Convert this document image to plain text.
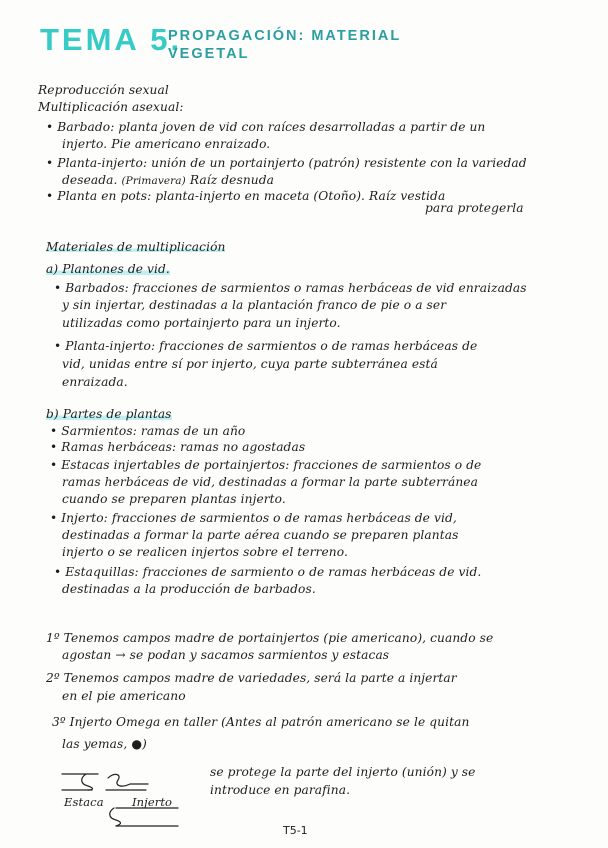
TEMA 5.
PROPAGACIÓN: MATERIAL
VEGETAL
Reproducción sexual
Multiplicación asexual:
• Barbado: planta joven de vid con raíces desarrolladas a partir de un
injerto. Pie americano enraizado.
• Planta-injerto: unión de un portainjerto (patrón) resistente con la variedad
deseada. (Primavera) Raíz desnuda
• Planta en pots: planta-injerto en maceta (Otoño). Raíz vestida
para protegerla
Materiales de multiplicación
a) Plantones de vid.
• Barbados: fracciones de sarmientos o ramas herbáceas de vid enraizadas
y sin injertar, destinadas a la plantación franco de pie o a ser
utilizadas como portainjerto para un injerto.
• Planta-injerto: fracciones de sarmientos o de ramas herbáceas de
vid, unidas entre sí por injerto, cuya parte subterránea está
enraizada.
b) Partes de plantas
• Sarmientos: ramas de un año
• Ramas herbáceas: ramas no agostadas
• Estacas injertables de portainjertos: fracciones de sarmientos o de
ramas herbáceas de vid, destinadas a formar la parte subterránea
cuando se preparen plantas injerto.
• Injerto: fracciones de sarmientos o de ramas herbáceas de vid,
destinadas a formar la parte aérea cuando se preparen plantas
injerto o se realicen injertos sobre el terreno.
• Estaquillas: fracciones de sarmiento o de ramas herbáceas de vid.
destinadas a la producción de barbados.
1º Tenemos campos madre de portainjertos (pie americano), cuando se
agostan → se podan y sacamos sarmientos y estacas
2º Tenemos campos madre de variedades, será la parte a injertar
en el pie americano
3º Injerto Omega en taller (Antes al patrón americano se le quitan
las yemas, ●)
Estaca Injerto
se protege la parte del injerto (unión) y se
introduce en parafina.
T5-1
